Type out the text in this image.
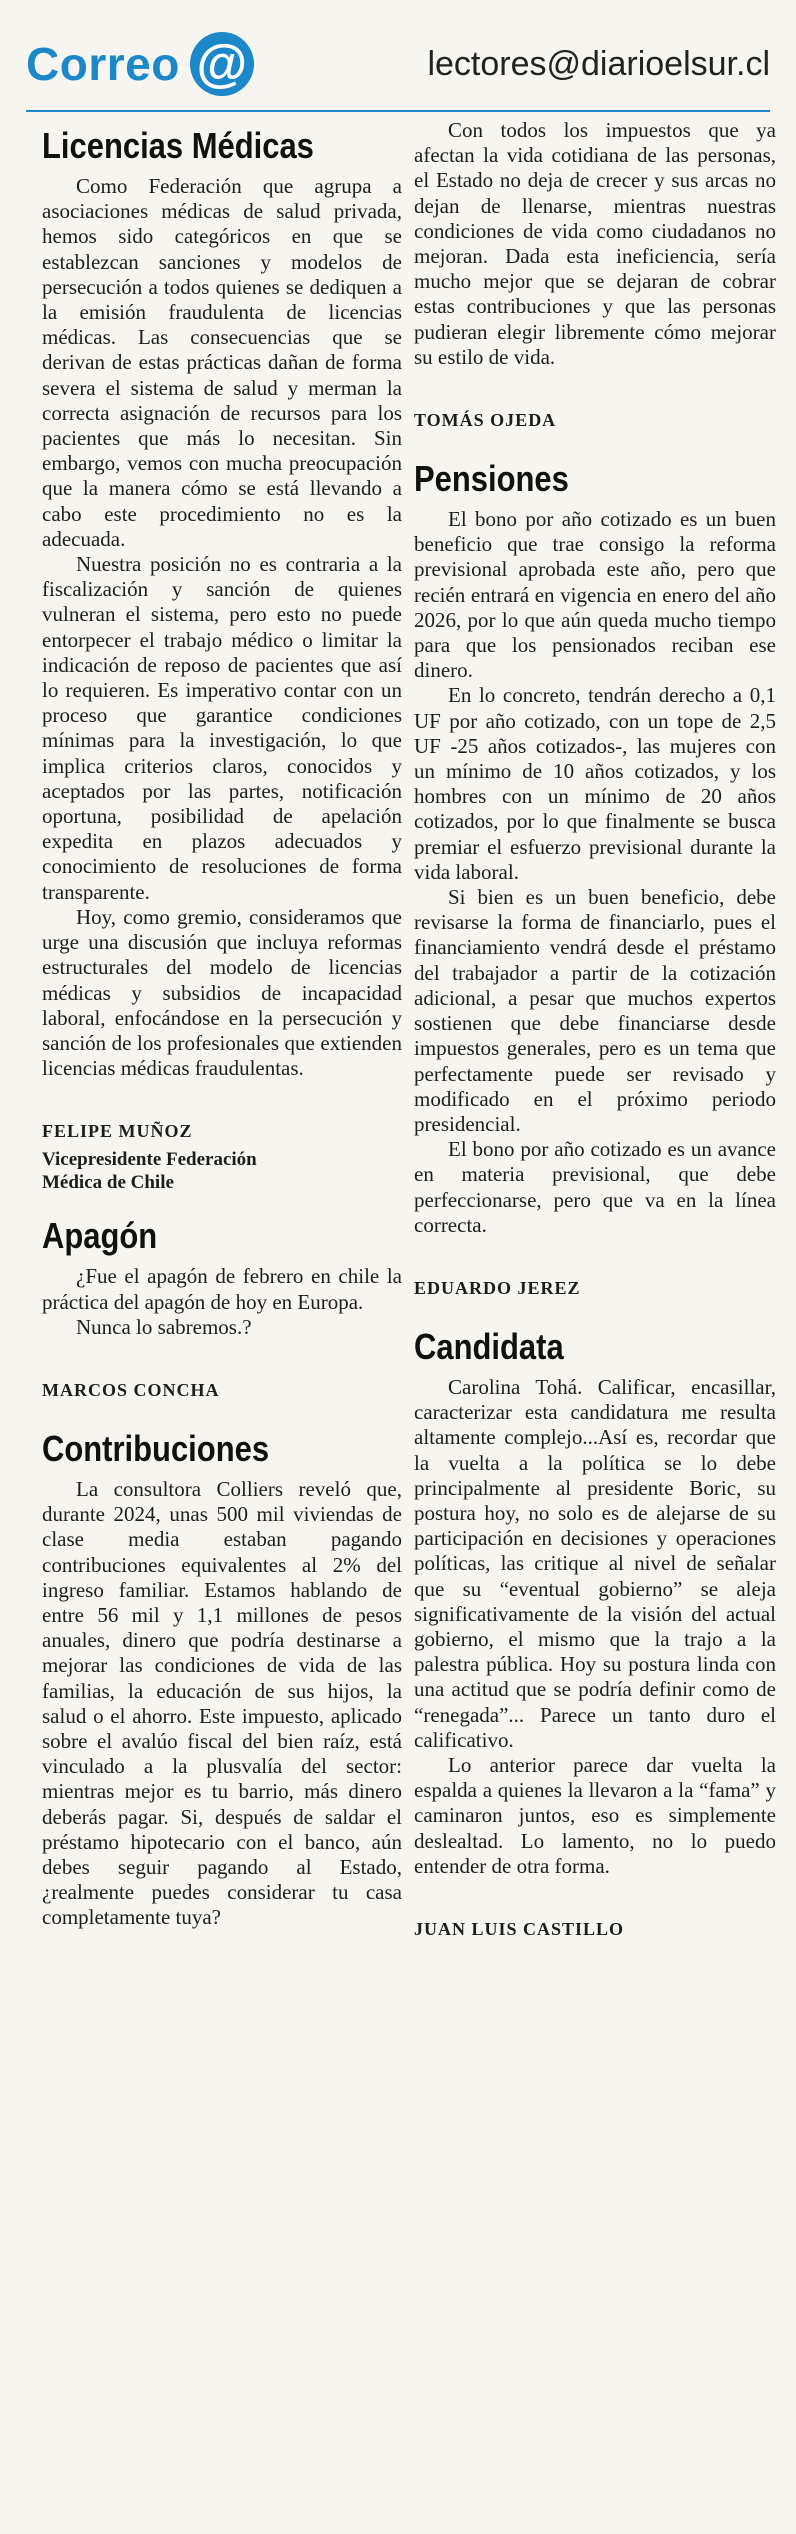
Correo @	lectores@diarioelsur.cl
Licencias Médicas

Como Federación que agrupa a asociaciones médicas de salud privada, hemos sido categóricos en que se establezcan sanciones y modelos de persecución a todos quienes se dediquen a la emisión fraudulenta de licencias médicas. Las consecuencias que se derivan de estas prácticas dañan de forma severa el sistema de salud y merman la correcta asignación de recursos para los pacientes que más lo necesitan. Sin embargo, vemos con mucha preocupación que la manera cómo se está llevando a cabo este procedimiento no es la adecuada.

Nuestra posición no es contraria a la fiscalización y sanción de quienes vulneran el sistema, pero esto no puede entorpecer el trabajo médico o limitar la indicación de reposo de pacientes que así lo requieren. Es imperativo contar con un proceso que garantice condiciones mínimas para la investigación, lo que implica criterios claros, conocidos y aceptados por las partes, notificación oportuna, posibilidad de apelación expedita en plazos adecuados y conocimiento de resoluciones de forma transparente.

Hoy, como gremio, consideramos que urge una discusión que incluya reformas estructurales del modelo de licencias médicas y subsidios de incapacidad laboral, enfocándose en la persecución y sanción de los profesionales que extienden licencias médicas fraudulentas.

FELIPE MUÑOZ
Vicepresidente Federación
Médica de Chile
Apagón

¿Fue el apagón de febrero en chile la práctica del apagón de hoy en Europa.

Nunca lo sabremos.?

MARCOS CONCHA
Contribuciones

La consultora Colliers reveló que, durante 2024, unas 500 mil viviendas de clase media estaban pagando contribuciones equivalentes al 2% del ingreso familiar. Estamos hablando de entre 56 mil y 1,1 millones de pesos anuales, dinero que podría destinarse a mejorar las condiciones de vida de las familias, la educación de sus hijos, la salud o el ahorro. Este impuesto, aplicado sobre el avalúo fiscal del bien raíz, está vinculado a la plusvalía del sector: mientras mejor es tu barrio, más dinero deberás pagar. Si, después de saldar el préstamo hipotecario con el banco, aún debes seguir pagando al Estado, ¿realmente puedes considerar tu casa completamente tuya?

Con todos los impuestos que ya afectan la vida cotidiana de las personas, el Estado no deja de crecer y sus arcas no dejan de llenarse, mientras nuestras condiciones de vida como ciudadanos no mejoran. Dada esta ineficiencia, sería mucho mejor que se dejaran de cobrar estas contribuciones y que las personas pudieran elegir libremente cómo mejorar su estilo de vida.

TOMÁS OJEDA
Pensiones

El bono por año cotizado es un buen beneficio que trae consigo la reforma previsional aprobada este año, pero que recién entrará en vigencia en enero del año 2026, por lo que aún queda mucho tiempo para que los pensionados reciban ese dinero.

En lo concreto, tendrán derecho a 0,1 UF por año cotizado, con un tope de 2,5 UF -25 años cotizados-, las mujeres con un mínimo de 10 años cotizados, y los hombres con un mínimo de 20 años cotizados, por lo que finalmente se busca premiar el esfuerzo previsional durante la vida laboral.

Si bien es un buen beneficio, debe revisarse la forma de financiarlo, pues el financiamiento vendrá desde el préstamo del trabajador a partir de la cotización adicional, a pesar que muchos expertos sostienen que debe financiarse desde impuestos generales, pero es un tema que perfectamente puede ser revisado y modificado en el próximo periodo presidencial.

El bono por año cotizado es un avance en materia previsional, que debe perfeccionarse, pero que va en la línea correcta.

EDUARDO JEREZ
Candidata

Carolina Tohá. Calificar, encasillar, caracterizar esta candidatura me resulta altamente complejo...Así es, recordar que la vuelta a la política se lo debe principalmente al presidente Boric, su postura hoy, no solo es de alejarse de su participación en decisiones y operaciones políticas, las critique al nivel de señalar que su “eventual gobierno” se aleja significativamente de la visión del actual gobierno, el mismo que la trajo a la palestra pública. Hoy su postura linda con una actitud que se podría definir como de “renegada”... Parece un tanto duro el calificativo.

Lo anterior parece dar vuelta la espalda a quienes la llevaron a la “fama” y caminaron juntos, eso es simplemente deslealtad. Lo lamento, no lo puedo entender de otra forma.

JUAN LUIS CASTILLO
